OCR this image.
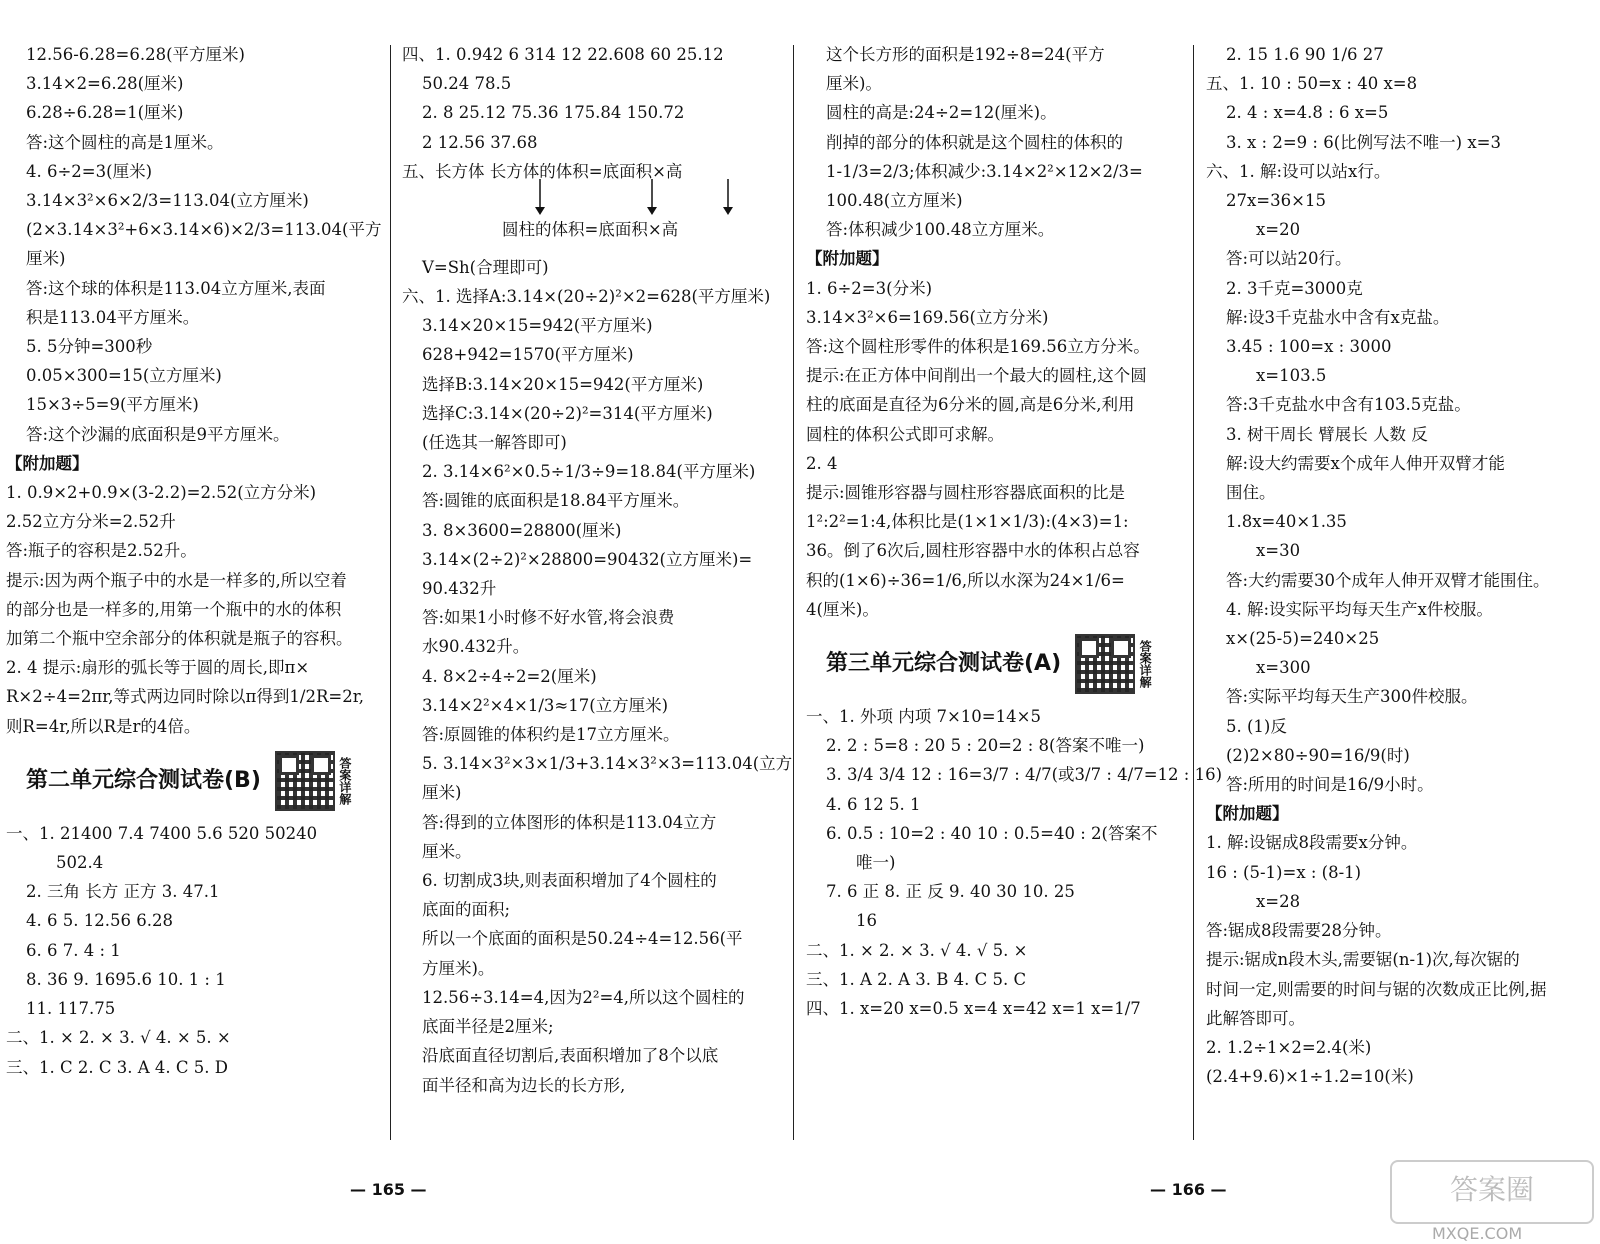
12.56-6.28=6.28(平方厘米)
3.14×2=6.28(厘米)
6.28÷6.28=1(厘米)
答:这个圆柱的高是1厘米。
4. 6÷2=3(厘米)
3.14×3²×6×2/3=113.04(立方厘米)
(2×3.14×3²+6×3.14×6)×2/3=113.04(平方
厘米)
答:这个球的体积是113.04立方厘米,表面
积是113.04平方厘米。
5. 5分钟=300秒
0.05×300=15(立方厘米)
15×3÷5=9(平方厘米)
答:这个沙漏的底面积是9平方厘米。
【附加题】
1. 0.9×2+0.9×(3-2.2)=2.52(立方分米)
2.52立方分米=2.52升
答:瓶子的容积是2.52升。
提示:因为两个瓶子中的水是一样多的,所以空着
的部分也是一样多的,用第一个瓶中的水的体积
加第二个瓶中空余部分的体积就是瓶子的容积。
2. 4 提示:扇形的弧长等于圆的周长,即π×
R×2÷4=2πr,等式两边同时除以π得到1/2R=2r,
则R=4r,所以R是r的4倍。
第二单元综合测试卷(B)	答案详解
一、1. 21400 7.4 7400 5.6 520 50240
502.4
2. 三角 长方 正方 3. 47.1
4. 6 5. 12.56 6.28
6. 6 7. 4 : 1
8. 36 9. 1695.6 10. 1 : 1
11. 117.75
二、1. × 2. × 3. √ 4. × 5. ×
三、1. C 2. C 3. A 4. C 5. D
四、1. 0.942 6 314 12 22.608 60 25.12
50.24 78.5
2. 8 25.12 75.36 175.84 150.72
2 12.56 37.68
五、长方体 长方体的体积=底面积×高
圆柱的体积=底面积×高
V=Sh(合理即可)
六、1. 选择A:3.14×(20÷2)²×2=628(平方厘米)
3.14×20×15=942(平方厘米)
628+942=1570(平方厘米)
选择B:3.14×20×15=942(平方厘米)
选择C:3.14×(20÷2)²=314(平方厘米)
(任选其一解答即可)
2. 3.14×6²×0.5÷1/3÷9=18.84(平方厘米)
答:圆锥的底面积是18.84平方厘米。
3. 8×3600=28800(厘米)
3.14×(2÷2)²×28800=90432(立方厘米)=
90.432升
答:如果1小时修不好水管,将会浪费
水90.432升。
4. 8×2÷4÷2=2(厘米)
3.14×2²×4×1/3≈17(立方厘米)
答:原圆锥的体积约是17立方厘米。
5. 3.14×3²×3×1/3+3.14×3²×3=113.04(立方
厘米)
答:得到的立体图形的体积是113.04立方
厘米。
6. 切割成3块,则表面积增加了4个圆柱的
底面的面积;
所以一个底面的面积是50.24÷4=12.56(平
方厘米)。
12.56÷3.14=4,因为2²=4,所以这个圆柱的
底面半径是2厘米;
沿底面直径切割后,表面积增加了8个以底
面半径和高为边长的长方形,
这个长方形的面积是192÷8=24(平方
厘米)。
圆柱的高是:24÷2=12(厘米)。
削掉的部分的体积就是这个圆柱的体积的
1-1/3=2/3;体积减少:3.14×2²×12×2/3=
100.48(立方厘米)
答:体积减少100.48立方厘米。
【附加题】
1. 6÷2=3(分米)
3.14×3²×6=169.56(立方分米)
答:这个圆柱形零件的体积是169.56立方分米。
提示:在正方体中间削出一个最大的圆柱,这个圆
柱的底面是直径为6分米的圆,高是6分米,利用
圆柱的体积公式即可求解。
2. 4
提示:圆锥形容器与圆柱形容器底面积的比是
1²:2²=1:4,体积比是(1×1×1/3):(4×3)=1:
36。倒了6次后,圆柱形容器中水的体积占总容
积的(1×6)÷36=1/6,所以水深为24×1/6=
4(厘米)。
第三单元综合测试卷(A)	答案详解
一、1. 外项 内项 7×10=14×5
2. 2 : 5=8 : 20 5 : 20=2 : 8(答案不唯一)
3. 3/4 3/4 12 : 16=3/7 : 4/7(或3/7 : 4/7=12 : 16)
4. 6 12 5. 1
6. 0.5 : 10=2 : 40 10 : 0.5=40 : 2(答案不
唯一)
7. 6 正 8. 正 反 9. 40 30 10. 25
16
二、1. × 2. × 3. √ 4. √ 5. ×
三、1. A 2. A 3. B 4. C 5. C
四、1. x=20 x=0.5 x=4 x=42 x=1 x=1/7
2. 15 1.6 90 1/6 27
五、1. 10 : 50=x : 40 x=8
2. 4 : x=4.8 : 6 x=5
3. x : 2=9 : 6(比例写法不唯一) x=3
六、1. 解:设可以站x行。
27x=36×15
x=20
答:可以站20行。
2. 3千克=3000克
解:设3千克盐水中含有x克盐。
3.45 : 100=x : 3000
x=103.5
答:3千克盐水中含有103.5克盐。
3. 树干周长 臂展长 人数 反
解:设大约需要x个成年人伸开双臂才能
围住。
1.8x=40×1.35
x=30
答:大约需要30个成年人伸开双臂才能围住。
4. 解:设实际平均每天生产x件校服。
x×(25-5)=240×25
x=300
答:实际平均每天生产300件校服。
5. (1)反
(2)2×80÷90=16/9(时)
答:所用的时间是16/9小时。
【附加题】
1. 解:设锯成8段需要x分钟。
16 : (5-1)=x : (8-1)
x=28
答:锯成8段需要28分钟。
提示:锯成n段木头,需要锯(n-1)次,每次锯的
时间一定,则需要的时间与锯的次数成正比例,据
此解答即可。
2. 1.2÷1×2=2.4(米)
(2.4+9.6)×1÷1.2=10(米)
— 165 —	— 166 —	答案圈
MXQE.COM
